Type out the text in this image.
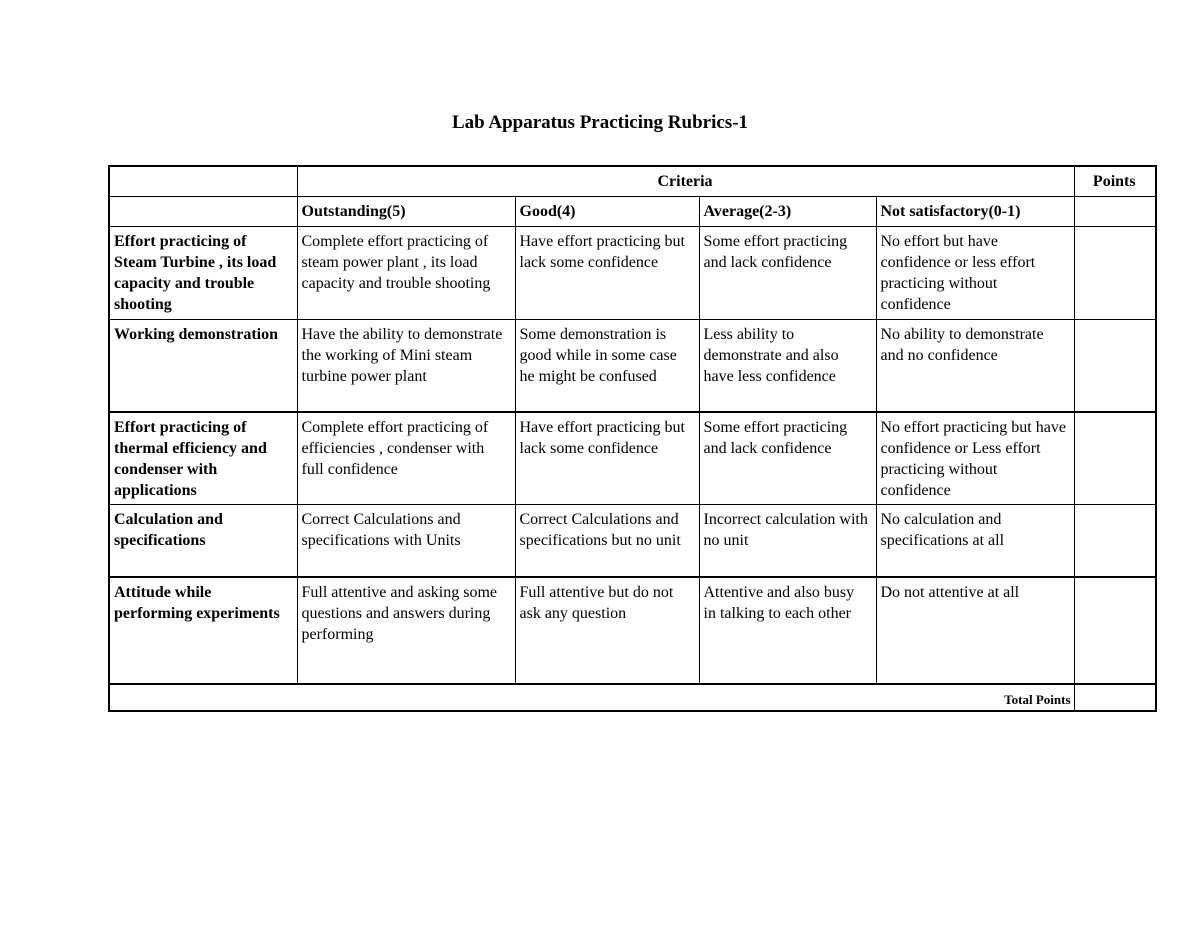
Lab Apparatus Practicing Rubrics-1
	Criteria				Points
	Outstanding(5)	Good(4)	Average(2-3)	Not satisfactory(0-1)	
Effort practicing of Steam Turbine , its load capacity and trouble shooting	Complete effort practicing of steam power plant , its load capacity and trouble shooting	Have effort practicing but lack some confidence	Some effort practicing and lack confidence	No effort but have confidence or less effort practicing without confidence	
Working demonstration	Have the ability to demonstrate the working of Mini steam turbine power plant	Some demonstration is good while in some case he might be confused	Less ability to demonstrate and also have less confidence	No ability to demonstrate and no confidence	
Effort practicing of thermal efficiency and condenser with applications	Complete effort practicing of efficiencies , condenser with full confidence	Have effort practicing but lack some confidence	Some effort practicing and lack confidence	No effort practicing but have confidence or Less effort practicing without confidence	
Calculation and specifications	Correct Calculations and specifications with Units	Correct Calculations and specifications but no unit	Incorrect calculation with no unit	No calculation and specifications at all	
Attitude while performing experiments	Full attentive and asking some questions and answers during performing	Full attentive but do not ask any question	Attentive and also busy in talking to each other	Do not attentive at all	
Total Points					
